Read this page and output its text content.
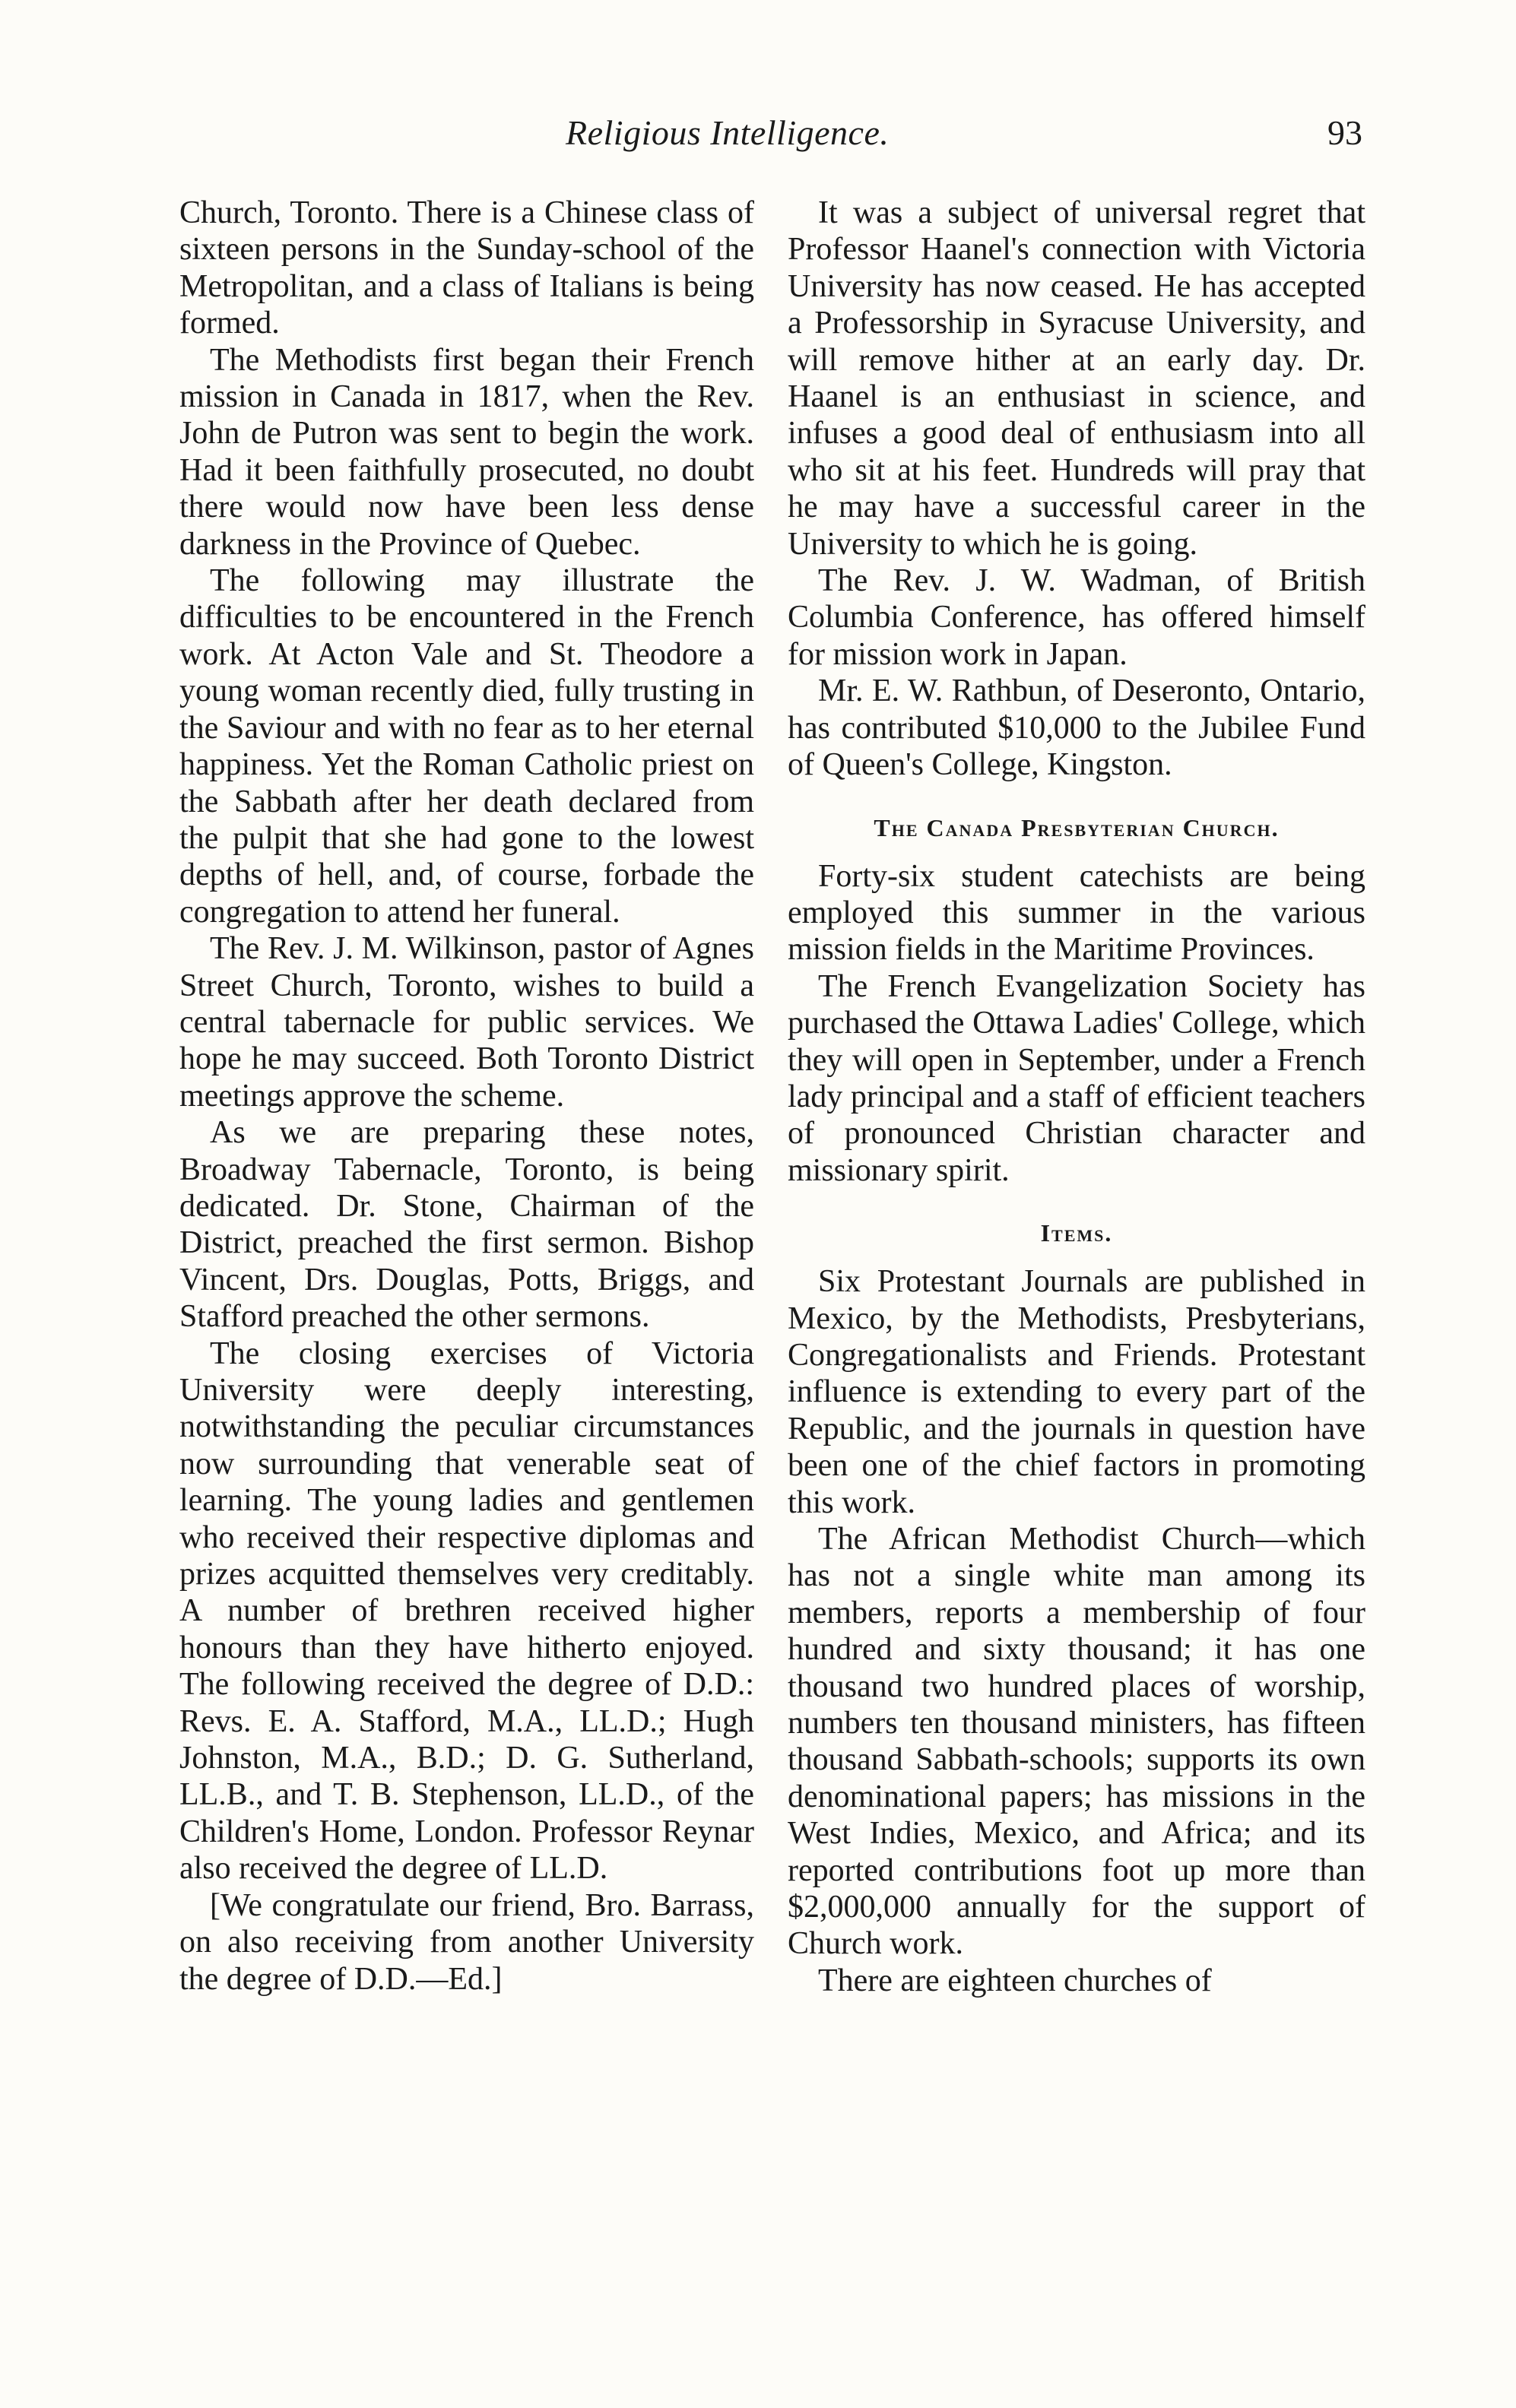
Religious Intelligence.	93

Church, Toronto. There is a Chinese class of sixteen persons in the Sunday-school of the Metropolitan, and a class of Italians is being formed.

The Methodists first began their French mission in Canada in 1817, when the Rev. John de Putron was sent to begin the work. Had it been faithfully prosecuted, no doubt there would now have been less dense darkness in the Province of Quebec.

The following may illustrate the difficulties to be encountered in the French work. At Acton Vale and St. Theodore a young woman recently died, fully trusting in the Saviour and with no fear as to her eternal happiness. Yet the Roman Catholic priest on the Sabbath after her death declared from the pulpit that she had gone to the lowest depths of hell, and, of course, forbade the congregation to attend her funeral.

The Rev. J. M. Wilkinson, pastor of Agnes Street Church, Toronto, wishes to build a central tabernacle for public services. We hope he may succeed. Both Toronto District meetings approve the scheme.

As we are preparing these notes, Broadway Tabernacle, Toronto, is being dedicated. Dr. Stone, Chairman of the District, preached the first sermon. Bishop Vincent, Drs. Douglas, Potts, Briggs, and Stafford preached the other sermons.

The closing exercises of Victoria University were deeply interesting, notwithstanding the peculiar circumstances now surrounding that venerable seat of learning. The young ladies and gentlemen who received their respective diplomas and prizes acquitted themselves very creditably. A number of brethren received higher honours than they have hitherto enjoyed. The following received the degree of D.D.: Revs. E. A. Stafford, M.A., LL.D.; Hugh Johnston, M.A., B.D.; D. G. Sutherland, LL.B., and T. B. Stephenson, LL.D., of the Children's Home, London. Professor Reynar also received the degree of LL.D.

[We congratulate our friend, Bro. Barrass, on also receiving from another University the degree of D.D.—Ed.]

It was a subject of universal regret that Professor Haanel's connection with Victoria University has now ceased. He has accepted a Professorship in Syracuse University, and will remove hither at an early day. Dr. Haanel is an enthusiast in science, and infuses a good deal of enthusiasm into all who sit at his feet. Hundreds will pray that he may have a successful career in the University to which he is going.

The Rev. J. W. Wadman, of British Columbia Conference, has offered himself for mission work in Japan.

Mr. E. W. Rathbun, of Deseronto, Ontario, has contributed $10,000 to the Jubilee Fund of Queen's College, Kingston.

The Canada Presbyterian Church.

Forty-six student catechists are being employed this summer in the various mission fields in the Maritime Provinces.

The French Evangelization Society has purchased the Ottawa Ladies' College, which they will open in September, under a French lady principal and a staff of efficient teachers of pronounced Christian character and missionary spirit.

Items.

Six Protestant Journals are published in Mexico, by the Methodists, Presbyterians, Congregationalists and Friends. Protestant influence is extending to every part of the Republic, and the journals in question have been one of the chief factors in promoting this work.

The African Methodist Church—which has not a single white man among its members, reports a membership of four hundred and sixty thousand; it has one thousand two hundred places of worship, numbers ten thousand ministers, has fifteen thousand Sabbath-schools; supports its own denominational papers; has missions in the West Indies, Mexico, and Africa; and its reported contributions foot up more than $2,000,000 annually for the support of Church work.

There are eighteen churches of
